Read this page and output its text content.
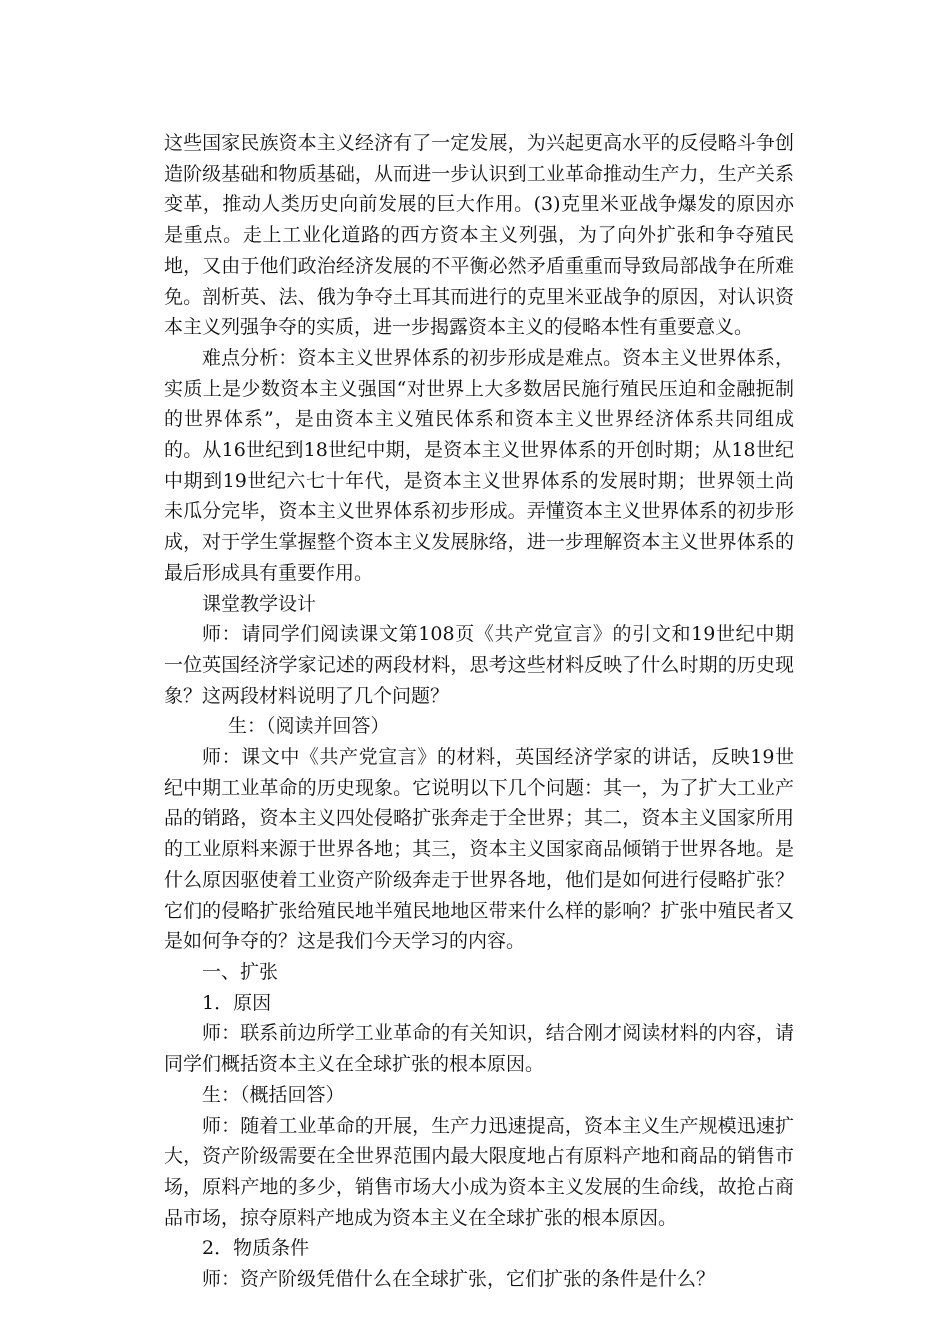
这些国家民族资本主义经济有了一定发展，为兴起更高水平的反侵略斗争创造阶级基础和物质基础，从而进一步认识到工业革命推动生产力，生产关系变革，推动人类历史向前发展的巨大作用。(3)克里米亚战争爆发的原因亦是重点。走上工业化道路的西方资本主义列强，为了向外扩张和争夺殖民地，又由于他们政治经济发展的不平衡必然矛盾重重而导致局部战争在所难免。剖析英、法、俄为争夺土耳其而进行的克里米亚战争的原因，对认识资本主义列强争夺的实质，进一步揭露资本主义的侵略本性有重要意义。

难点分析：资本主义世界体系的初步形成是难点。资本主义世界体系，实质上是少数资本主义强国“对世界上大多数居民施行殖民压迫和金融扼制的世界体系”，是由资本主义殖民体系和资本主义世界经济体系共同组成的。从16世纪到18世纪中期，是资本主义世界体系的开创时期；从18世纪中期到19世纪六七十年代，是资本主义世界体系的发展时期；世界领土尚未瓜分完毕，资本主义世界体系初步形成。弄懂资本主义世界体系的初步形成，对于学生掌握整个资本主义发展脉络，进一步理解资本主义世界体系的最后形成具有重要作用。

课堂教学设计

师：请同学们阅读课文第108页《共产党宣言》的引文和19世纪中期一位英国经济学家记述的两段材料，思考这些材料反映了什么时期的历史现象？这两段材料说明了几个问题？

生：（阅读并回答）

师：课文中《共产党宣言》的材料，英国经济学家的讲话，反映19世纪中期工业革命的历史现象。它说明以下几个问题：其一，为了扩大工业产品的销路，资本主义四处侵略扩张奔走于全世界；其二，资本主义国家所用的工业原料来源于世界各地；其三，资本主义国家商品倾销于世界各地。是什么原因驱使着工业资产阶级奔走于世界各地，他们是如何进行侵略扩张？它们的侵略扩张给殖民地半殖民地地区带来什么样的影响？扩张中殖民者又是如何争夺的？这是我们今天学习的内容。

一、扩张

1．原因

师：联系前边所学工业革命的有关知识，结合刚才阅读材料的内容，请同学们概括资本主义在全球扩张的根本原因。

生：（概括回答）

师：随着工业革命的开展，生产力迅速提高，资本主义生产规模迅速扩大，资产阶级需要在全世界范围内最大限度地占有原料产地和商品的销售市场，原料产地的多少，销售市场大小成为资本主义发展的生命线，故抢占商品市场，掠夺原料产地成为资本主义在全球扩张的根本原因。

2．物质条件

师：资产阶级凭借什么在全球扩张，它们扩张的条件是什么？
